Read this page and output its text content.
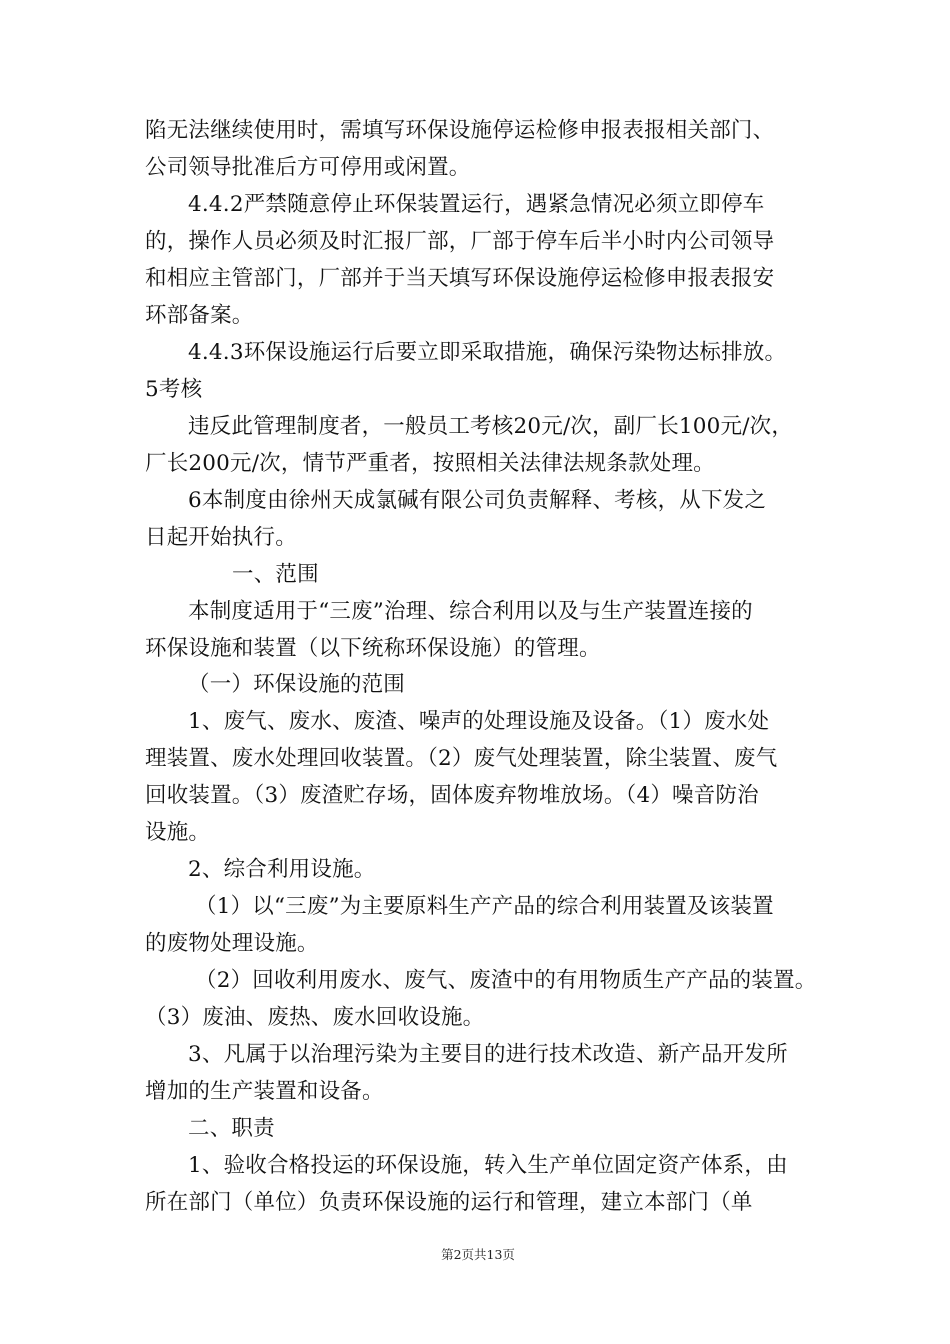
陷无法继续使用时，需填写环保设施停运检修申报表报相关部门、
公司领导批准后方可停用或闲置。
4.4.2严禁随意停止环保装置运行，遇紧急情况必须立即停车
的，操作人员必须及时汇报厂部，厂部于停车后半小时内公司领导
和相应主管部门，厂部并于当天填写环保设施停运检修申报表报安
环部备案。
4.4.3环保设施运行后要立即采取措施，确保污染物达标排放。
5考核
违反此管理制度者，一般员工考核20元/次，副厂长100元/次，
厂长200元/次，情节严重者，按照相关法律法规条款处理。
6本制度由徐州天成氯碱有限公司负责解释、考核，从下发之
日起开始执行。
一、范围
本制度适用于“三废”治理、综合利用以及与生产装置连接的
环保设施和装置（以下统称环保设施）的管理。
（一）环保设施的范围
1、废气、废水、废渣、噪声的处理设施及设备。（1）废水处
理装置、废水处理回收装置。（2）废气处理装置，除尘装置、废气
回收装置。（3）废渣贮存场，固体废弃物堆放场。（4）噪音防治
设施。
2、综合利用设施。
（1）以“三废”为主要原料生产产品的综合利用装置及该装置
的废物处理设施。
（2）回收利用废水、废气、废渣中的有用物质生产产品的装置。
（3）废油、废热、废水回收设施。
3、凡属于以治理污染为主要目的进行技术改造、新产品开发所
增加的生产装置和设备。
二、职责
1、验收合格投运的环保设施，转入生产单位固定资产体系，由
所在部门（单位）负责环保设施的运行和管理，建立本部门（单
第2页共13页
